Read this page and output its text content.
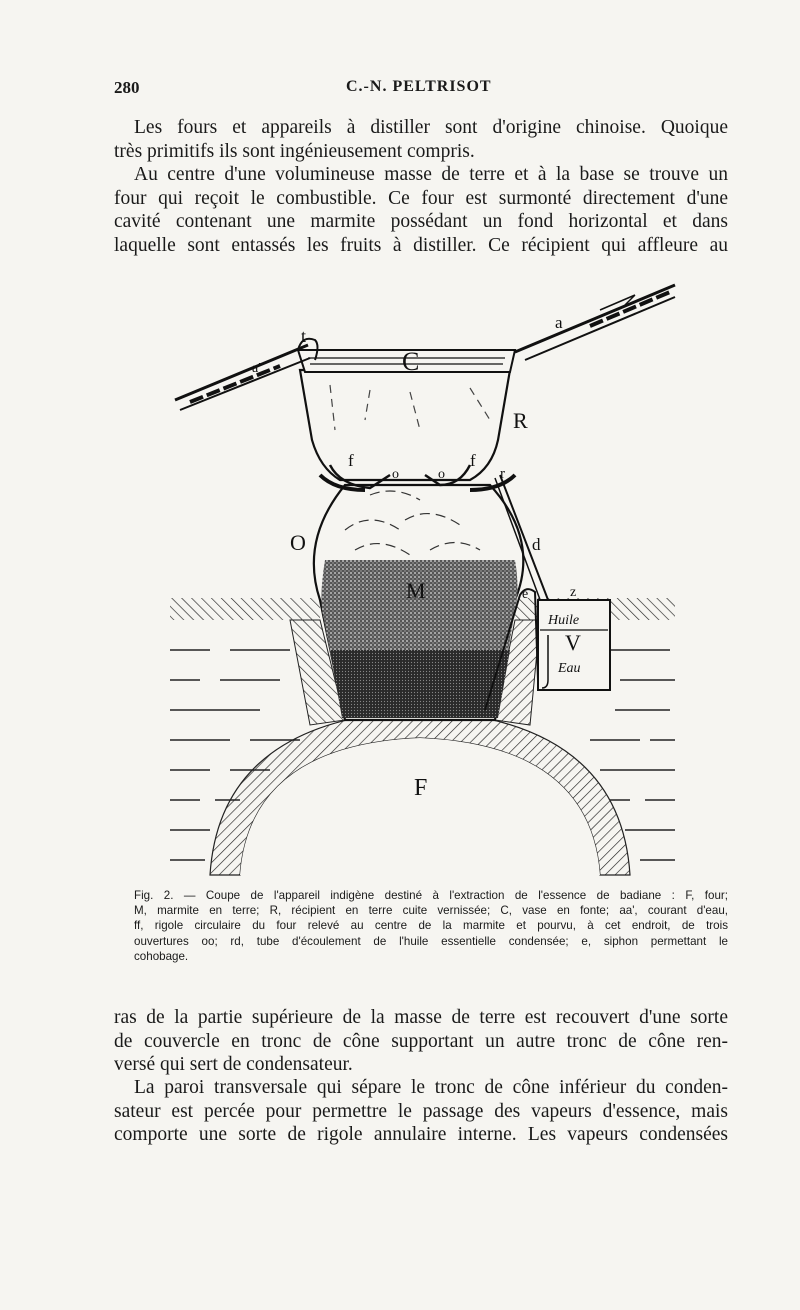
280	C.-N. PELTRISOT
Les fours et appareils à distiller sont d'origine chinoise. Quoique
très primitifs ils sont ingénieusement compris.
Au centre d'une volumineuse masse de terre et à la base se trouve un
four qui reçoit le combustible. Ce four est surmonté directement d'une
cavité contenant une marmite possédant un fond horizontal et dans
laquelle sont entassés les fruits à distiller. Ce récipient qui affleure au
a
a'
t
C
R
f	f
o	o	r
O	d
M	z
e
Huile
V
Eau
F
Fig. 2. — Coupe de l'appareil indigène destiné à l'extraction de l'essence de badiane : F, four;
M, marmite en terre; R, récipient en terre cuite vernissée; C, vase en fonte; aa', courant d'eau,
ff, rigole circulaire du four relevé au centre de la marmite et pourvu, à cet endroit, de trois
ouvertures oo; rd, tube d'écoulement de l'huile essentielle condensée; e, siphon permettant le
cohobage.
ras de la partie supérieure de la masse de terre est recouvert d'une sorte
de couvercle en tronc de cône supportant un autre tronc de cône ren-
versé qui sert de condensateur.
La paroi transversale qui sépare le tronc de cône inférieur du conden-
sateur est percée pour permettre le passage des vapeurs d'essence, mais
comporte une sorte de rigole annulaire interne. Les vapeurs condensées
